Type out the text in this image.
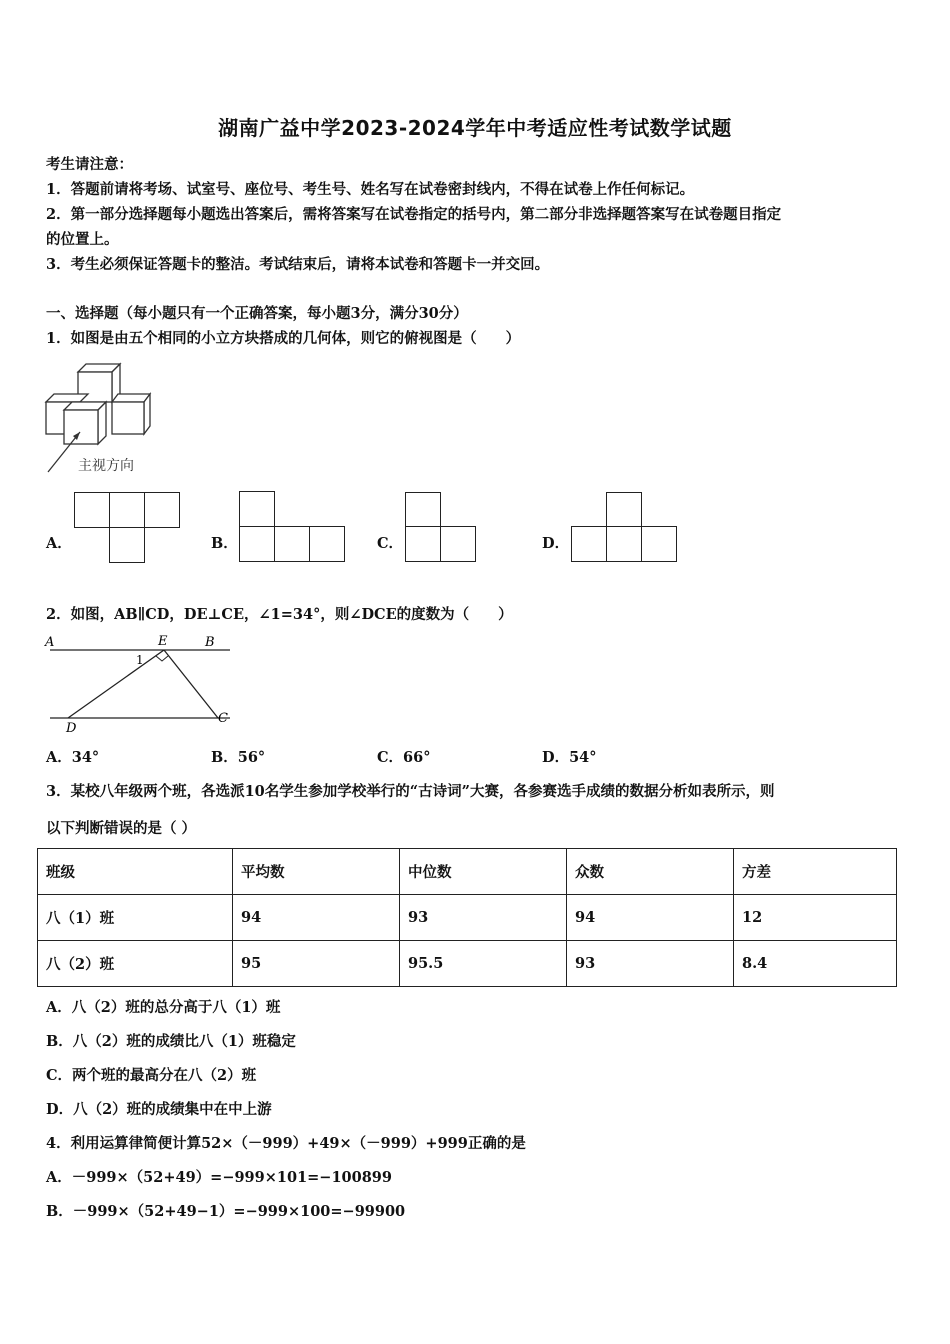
湖南广益中学2023-2024学年中考适应性考试数学试题
考生请注意：
1．答题前请将考场、试室号、座位号、考生号、姓名写在试卷密封线内，不得在试卷上作任何标记。
2．第一部分选择题每小题选出答案后，需将答案写在试卷指定的括号内，第二部分非选择题答案写在试卷题目指定
的位置上。
3．考生必须保证答题卡的整洁。考试结束后，请将本试卷和答题卡一并交回。
一、选择题（每小题只有一个正确答案，每小题3分，满分30分）
1．如图是由五个相同的小立方块搭成的几何体，则它的俯视图是（　　）
主视方向
A．	B．	C．	D．
2．如图，AB∥CD，DE⊥CE，∠1=34°，则∠DCE的度数为（　　）
A	E	B
1
D
C
A．34°	B．56°	C．66°	D．54°
3．某校八年级两个班，各选派10名学生参加学校举行的“古诗词”大赛，各参赛选手成绩的数据分析如表所示，则
以下判断错误的是（ ）
班级	平均数	中位数	众数	方差
八（1）班	94	93	94	12
八（2）班	95	95.5	93	8.4
A．八（2）班的总分高于八（1）班
B．八（2）班的成绩比八（1）班稳定
C．两个班的最高分在八（2）班
D．八（2）班的成绩集中在中上游
4．利用运算律简便计算52×（－999）+49×（－999）+999正确的是
A．－999×（52+49）=−999×101=−100899
B．－999×（52+49−1）=−999×100=−99900
